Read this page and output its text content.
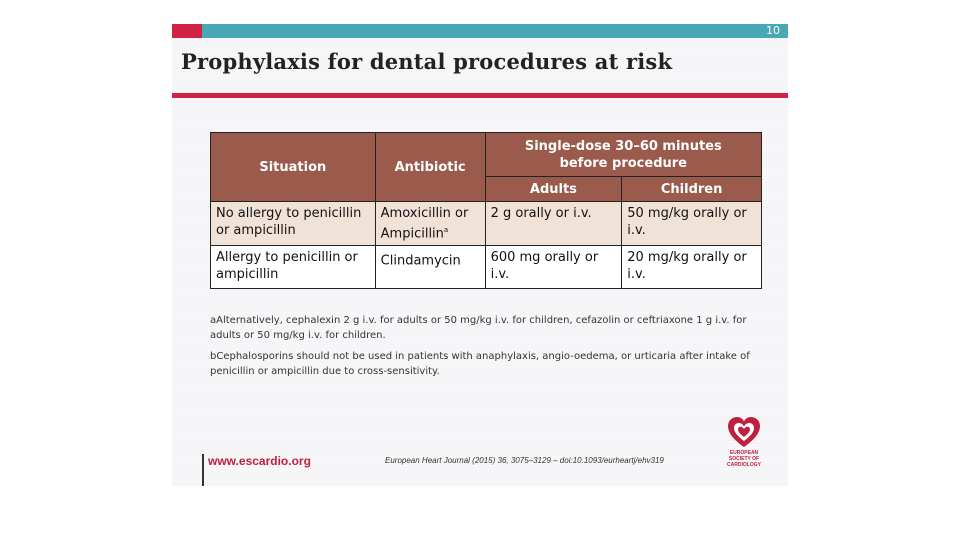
10
Prophylaxis for dental procedures at risk
Situation	Antibiotic	Single-dose 30–60 minutes before procedure	
		Adults	Children
No allergy to penicillin or ampicillin	Amoxicillin or Ampicillin$^a$	2 g orally or i.v.	50 mg/kg orally or i.v.
Allergy to penicillin or ampicillin	Clindamycin	600 mg orally or i.v.	20 mg/kg orally or i.v.

aAlternatively, cephalexin 2 g i.v. for adults or 50 mg/kg i.v. for children, cefazolin or ceftriaxone 1 g i.v. for adults or 50 mg/kg i.v. for children.

bCephalosporins should not be used in patients with anaphylaxis, angio-oedema, or urticaria after intake of penicillin or ampicillin due to cross-sensitivity.

www.escardio.org	European Heart Journal (2015) 36, 3075–3129 – doi:10.1093/eurheartj/ehv319
EUROPEAN
SOCIETY OF
CARDIOLOGY
